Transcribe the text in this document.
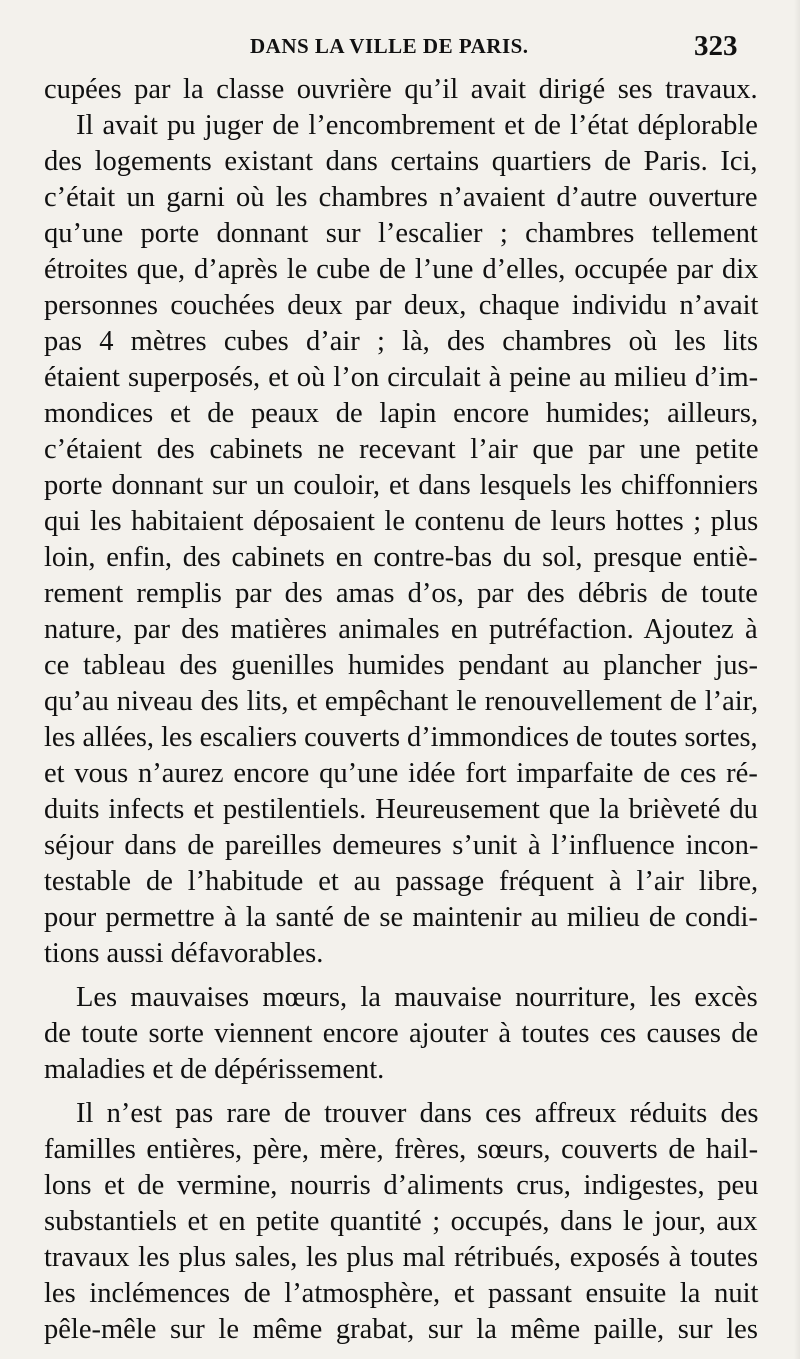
DANS LA VILLE DE PARIS.	323
cupées par la classe ouvrière qu’il avait dirigé ses travaux.
Il avait pu juger de l’encombrement et de l’état déplorable
des logements existant dans certains quartiers de Paris. Ici,
c’était un garni où les chambres n’avaient d’autre ouverture
qu’une porte donnant sur l’escalier ; chambres tellement
étroites que, d’après le cube de l’une d’elles, occupée par dix
personnes couchées deux par deux, chaque individu n’avait
pas 4 mètres cubes d’air ; là, des chambres où les lits
étaient superposés, et où l’on circulait à peine au milieu d’im-
mondices et de peaux de lapin encore humides; ailleurs,
c’étaient des cabinets ne recevant l’air que par une petite
porte donnant sur un couloir, et dans lesquels les chiffonniers
qui les habitaient déposaient le contenu de leurs hottes ; plus
loin, enfin, des cabinets en contre-bas du sol, presque entiè-
rement remplis par des amas d’os, par des débris de toute
nature, par des matières animales en putréfaction. Ajoutez à
ce tableau des guenilles humides pendant au plancher jus-
qu’au niveau des lits, et empêchant le renouvellement de l’air,
les allées, les escaliers couverts d’immondices de toutes sortes,
et vous n’aurez encore qu’une idée fort imparfaite de ces ré-
duits infects et pestilentiels. Heureusement que la brièveté du
séjour dans de pareilles demeures s’unit à l’influence incon-
testable de l’habitude et au passage fréquent à l’air libre,
pour permettre à la santé de se maintenir au milieu de condi-
tions aussi défavorables.
Les mauvaises mœurs, la mauvaise nourriture, les excès
de toute sorte viennent encore ajouter à toutes ces causes de
maladies et de dépérissement.
Il n’est pas rare de trouver dans ces affreux réduits des
familles entières, père, mère, frères, sœurs, couverts de hail-
lons et de vermine, nourris d’aliments crus, indigestes, peu
substantiels et en petite quantité ; occupés, dans le jour, aux
travaux les plus sales, les plus mal rétribués, exposés à toutes
les inclémences de l’atmosphère, et passant ensuite la nuit
pêle-mêle sur le même grabat, sur la même paille, sur les
